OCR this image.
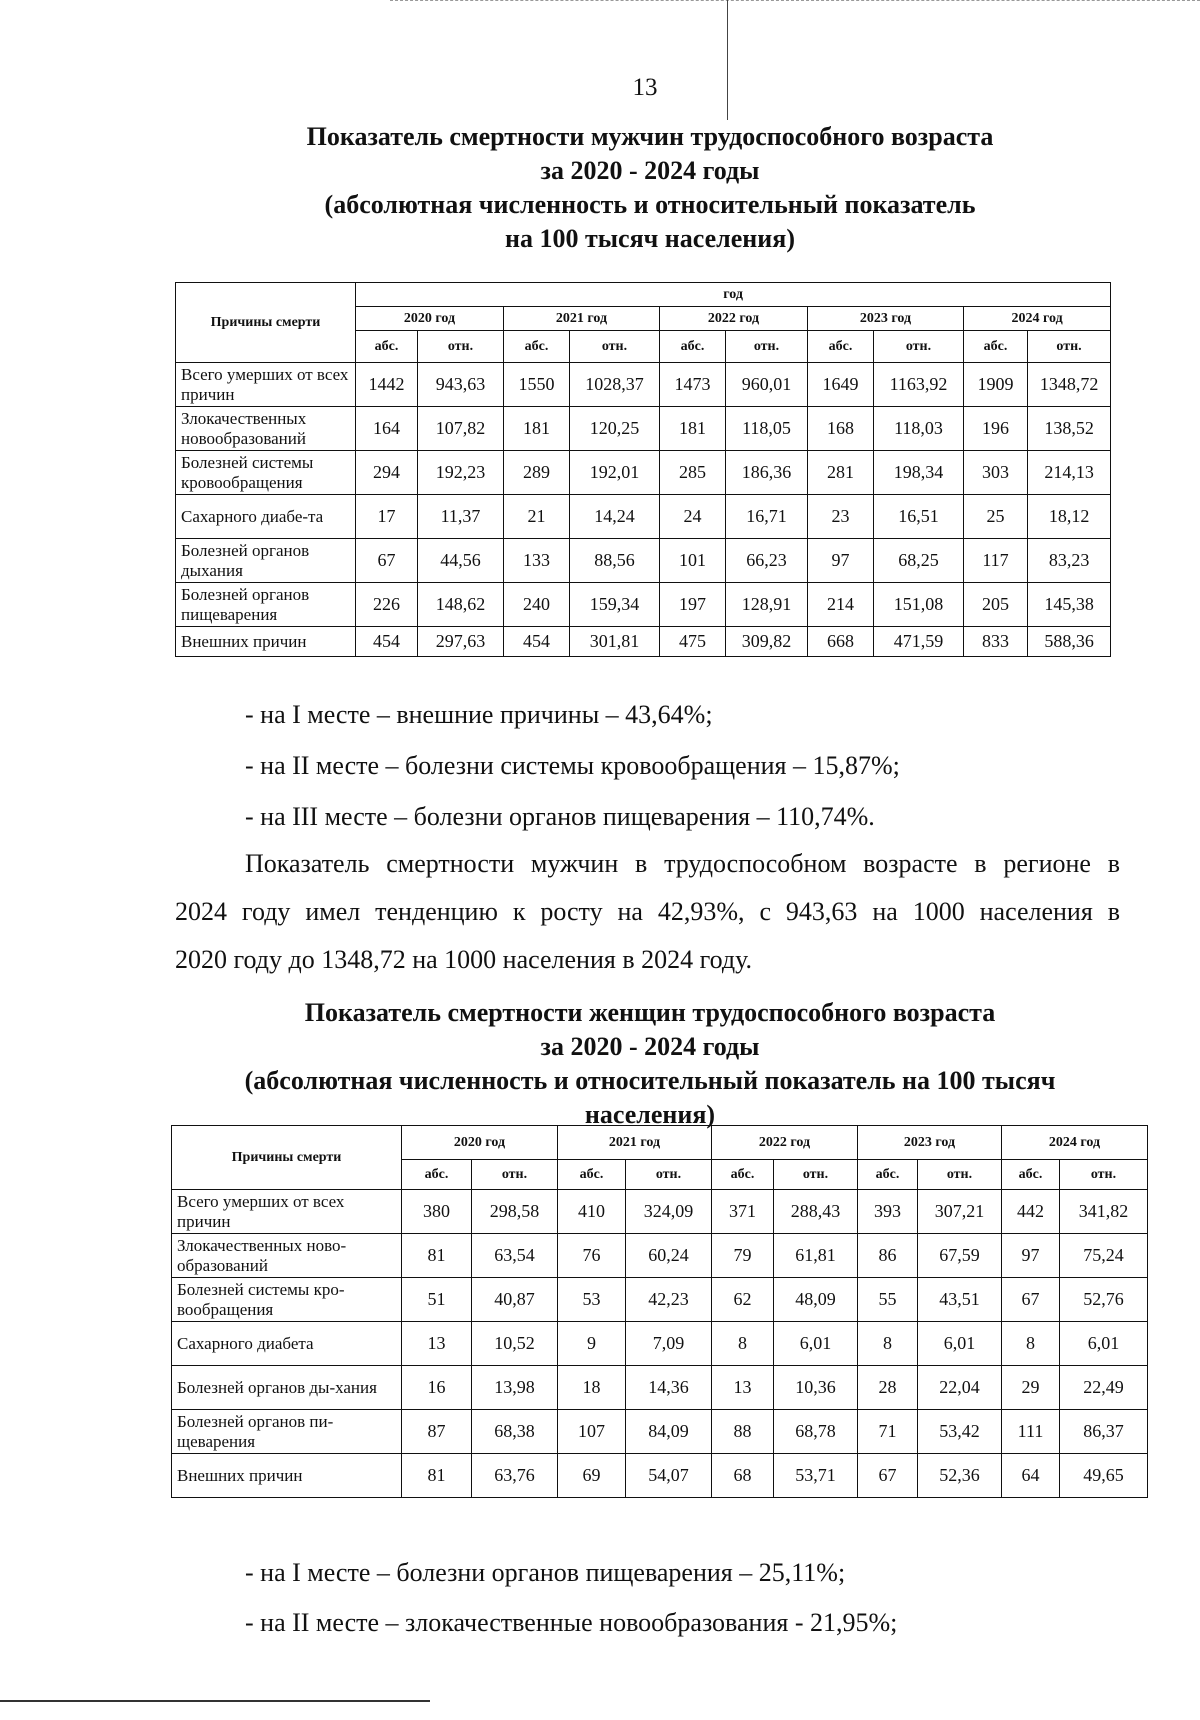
13
Показатель смертности мужчин трудоспособного возраста
за 2020 - 2024 годы
(абсолютная численность и относительный показатель
на 100 тысяч населения)
Причины смерти	год									
	2020 год		2021 год		2022 год		2023 год		2024 год	
	абс.	отн.	абс.	отн.	абс.	отн.	абс.	отн.	абс.	отн.
Всего умерших от всех причин	1442	943,63	1550	1028,37	1473	960,01	1649	1163,92	1909	1348,72
Злокачественных новообразований	164	107,82	181	120,25	181	118,05	168	118,03	196	138,52
Болезней системы кровообращения	294	192,23	289	192,01	285	186,36	281	198,34	303	214,13
Сахарного диабе-та	17	11,37	21	14,24	24	16,71	23	16,51	25	18,12
Болезней органов дыхания	67	44,56	133	88,56	101	66,23	97	68,25	117	83,23
Болезней органов пищеварения	226	148,62	240	159,34	197	128,91	214	151,08	205	145,38
Внешних причин	454	297,63	454	301,81	475	309,82	668	471,59	833	588,36
- на I месте – внешние причины – 43,64%;
- на II месте – болезни системы кровообращения – 15,87%;
- на III месте – болезни органов пищеварения – 110,74%.

Показатель смертности мужчин в трудоспособном возрасте в регионе в

2024 году имел тенденцию к росту на 42,93%, с 943,63 на 1000 населения в

2020 году до 1348,72 на 1000 населения в 2024 году.

Показатель смертности женщин трудоспособного возраста
за 2020 - 2024 годы
(абсолютная численность и относительный показатель на 100 тысяч
населения)
Причины смерти	2020 год		2021 год		2022 год		2023 год		2024 год	
	абс.	отн.	абс.	отн.	абс.	отн.	абс.	отн.	абс.	отн.
Всего умерших от всех причин	380	298,58	410	324,09	371	288,43	393	307,21	442	341,82
Злокачественных ново-образований	81	63,54	76	60,24	79	61,81	86	67,59	97	75,24
Болезней системы кро-вообращения	51	40,87	53	42,23	62	48,09	55	43,51	67	52,76
Сахарного диабета	13	10,52	9	7,09	8	6,01	8	6,01	8	6,01
Болезней органов ды-хания	16	13,98	18	14,36	13	10,36	28	22,04	29	22,49
Болезней органов пи-щеварения	87	68,38	107	84,09	88	68,78	71	53,42	111	86,37
Внешних причин	81	63,76	69	54,07	68	53,71	67	52,36	64	49,65
- на I месте – болезни органов пищеварения – 25,11%;
- на II месте – злокачественные новообразования - 21,95%;
